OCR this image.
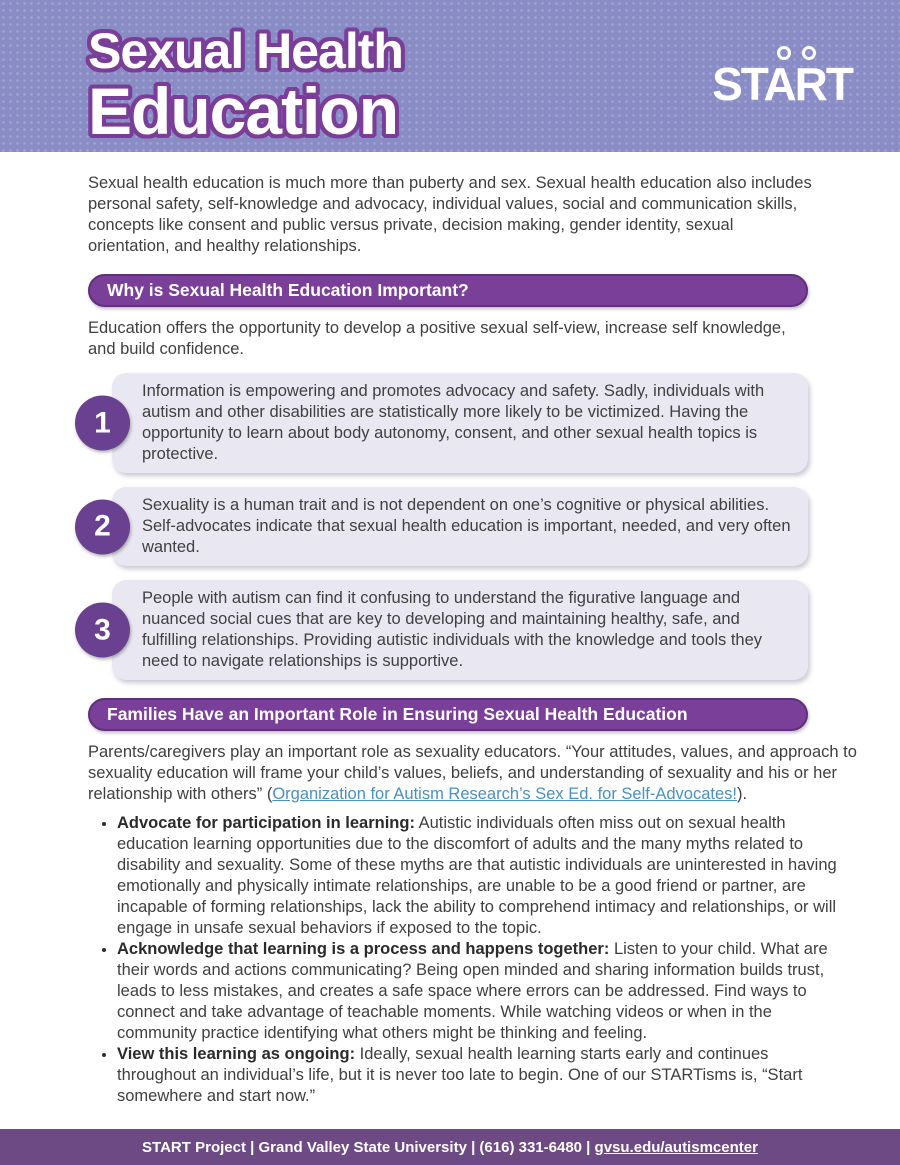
Sexual Health
Education	START

Sexual health education is much more than puberty and sex. Sexual health education also includes personal safety, self-knowledge and advocacy, individual values, social and communication skills, concepts like consent and public versus private, decision making, gender identity, sexual orientation, and healthy relationships.

Why is Sexual Health Education Important?

Education offers the opportunity to develop a positive sexual self-view, increase self knowledge, and build confidence.

1
Information is empowering and promotes advocacy and safety. Sadly, individuals with autism and other disabilities are statistically more likely to be victimized. Having the opportunity to learn about body autonomy, consent, and other sexual health topics is protective.
2
Sexuality is a human trait and is not dependent on one’s cognitive or physical abilities. Self-advocates indicate that sexual health education is important, needed, and very often wanted.
3
People with autism can find it confusing to understand the figurative language and nuanced social cues that are key to developing and maintaining healthy, safe, and fulfilling relationships. Providing autistic individuals with the knowledge and tools they need to navigate relationships is supportive.
Families Have an Important Role in Ensuring Sexual Health Education

Parents/caregivers play an important role as sexuality educators. “Your attitudes, values, and approach to sexuality education will frame your child’s values, beliefs, and understanding of sexuality and his or her relationship with others” (Organization for Autism Research’s Sex Ed. for Self-Advocates!).

• Advocate for participation in learning: Autistic individuals often miss out on sexual health education learning opportunities due to the discomfort of adults and the many myths related to disability and sexuality. Some of these myths are that autistic individuals are uninterested in having emotionally and physically intimate relationships, are unable to be a good friend or partner, are incapable of forming relationships, lack the ability to comprehend intimacy and relationships, or will engage in unsafe sexual behaviors if exposed to the topic.
• Acknowledge that learning is a process and happens together: Listen to your child. What are their words and actions communicating? Being open minded and sharing information builds trust, leads to less mistakes, and creates a safe space where errors can be addressed. Find ways to connect and take advantage of teachable moments. While watching videos or when in the community practice identifying what others might be thinking and feeling.
• View this learning as ongoing: Ideally, sexual health learning starts early and continues throughout an individual’s life, but it is never too late to begin. One of our STARTisms is, “Start somewhere and start now.”
START Project | Grand Valley State University | (616) 331-6480 | gvsu.edu/autismcenter
